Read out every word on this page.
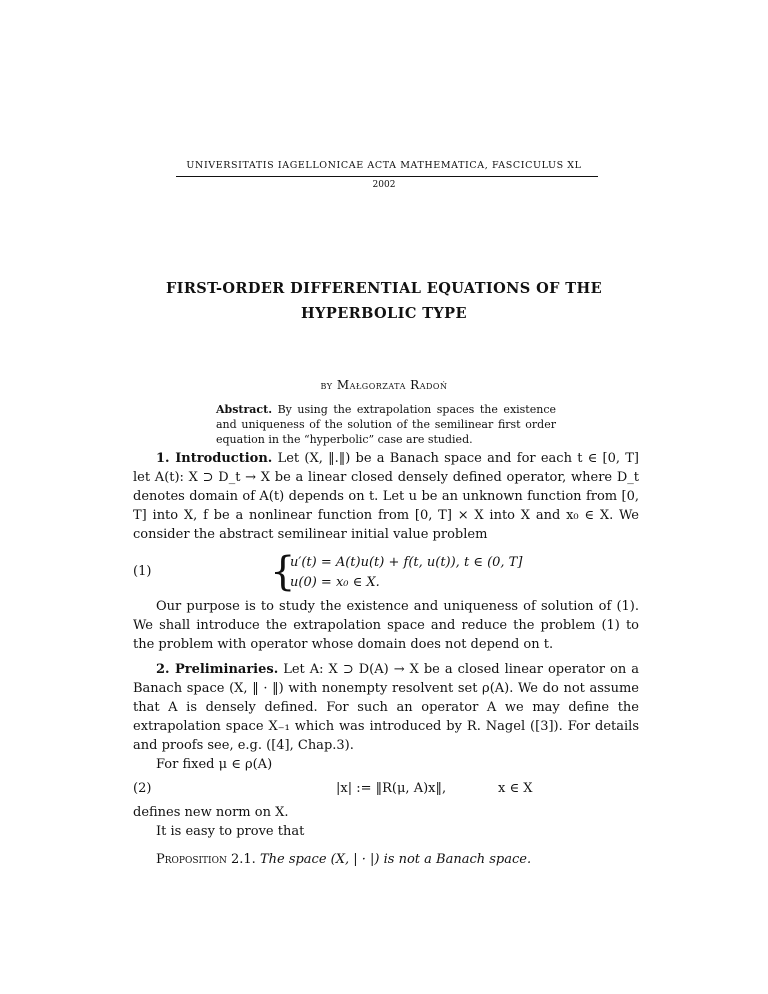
UNIVERSITATIS IAGELLONICAE ACTA MATHEMATICA, FASCICULUS XL
2002
FIRST-ORDER DIFFERENTIAL EQUATIONS OF THE
HYPERBOLIC TYPE
by Małgorzata Radoń
Abstract. By using the extrapolation spaces the existence and uniqueness of the solution of the semilinear first order equation in the “hyperbolic” case are studied.
1. Introduction. Let (X, ‖.‖) be a Banach space and for each t ∈ [0, T] let A(t): X ⊃ D_t → X be a linear closed densely defined operator, where D_t denotes domain of A(t) depends on t. Let u be an unknown function from [0, T] into X, f be a nonlinear function from [0, T] × X into X and x₀ ∈ X. We consider the abstract semilinear initial value problem
(1)	{
u′(t) = A(t)u(t) + f(t, u(t)), t ∈ (0, T]
u(0) = x₀ ∈ X.
Our purpose is to study the existence and uniqueness of solution of (1). We shall introduce the extrapolation space and reduce the problem (1) to the problem with operator whose domain does not depend on t.
2. Preliminaries. Let A: X ⊃ D(A) → X be a closed linear operator on a Banach space (X, ‖ · ‖) with nonempty resolvent set ρ(A). We do not assume that A is densely defined. For such an operator A we may define the extrapolation space X₋₁ which was introduced by R. Nagel ([3]). For details and proofs see, e.g. ([4], Chap.3).
For fixed μ ∈ ρ(A)
(2)	|x| := ‖R(μ, A)x‖,	x ∈ X
defines new norm on X.
It is easy to prove that
Proposition 2.1. The space (X, | · |) is not a Banach space.
